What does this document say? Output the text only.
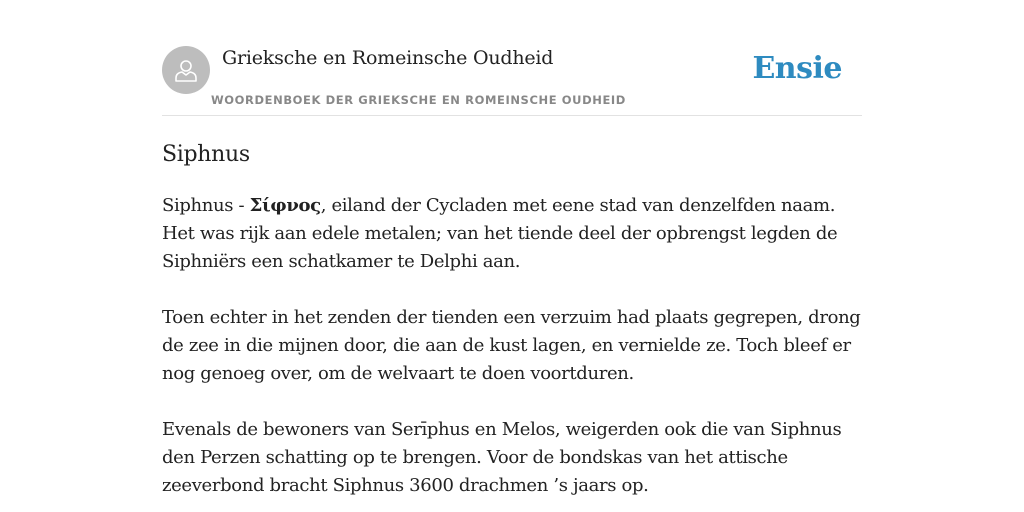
Grieksche en Romeinsche Oudheid
WOORDENBOEK DER GRIEKSCHE EN ROMEINSCHE OUDHEID
Ensie
Siphnus

Siphnus - Σίφνος, eiland der Cycladen met eene stad van denzelfden naam. Het was rijk aan edele metalen; van het tiende deel der opbrengst legden de Siphniërs een schatkamer te Delphi aan.

Toen echter in het zenden der tienden een verzuim had plaats gegrepen, drong de zee in die mijnen door, die aan de kust lagen, en vernielde ze. Toch bleef er nog genoeg over, om de welvaart te doen voortduren.

Evenals de bewoners van Serīphus en Melos, weigerden ook die van Siphnus den Perzen schatting op te brengen. Voor de bondskas van het attische zeeverbond bracht Siphnus 3600 drachmen ’s jaars op.
